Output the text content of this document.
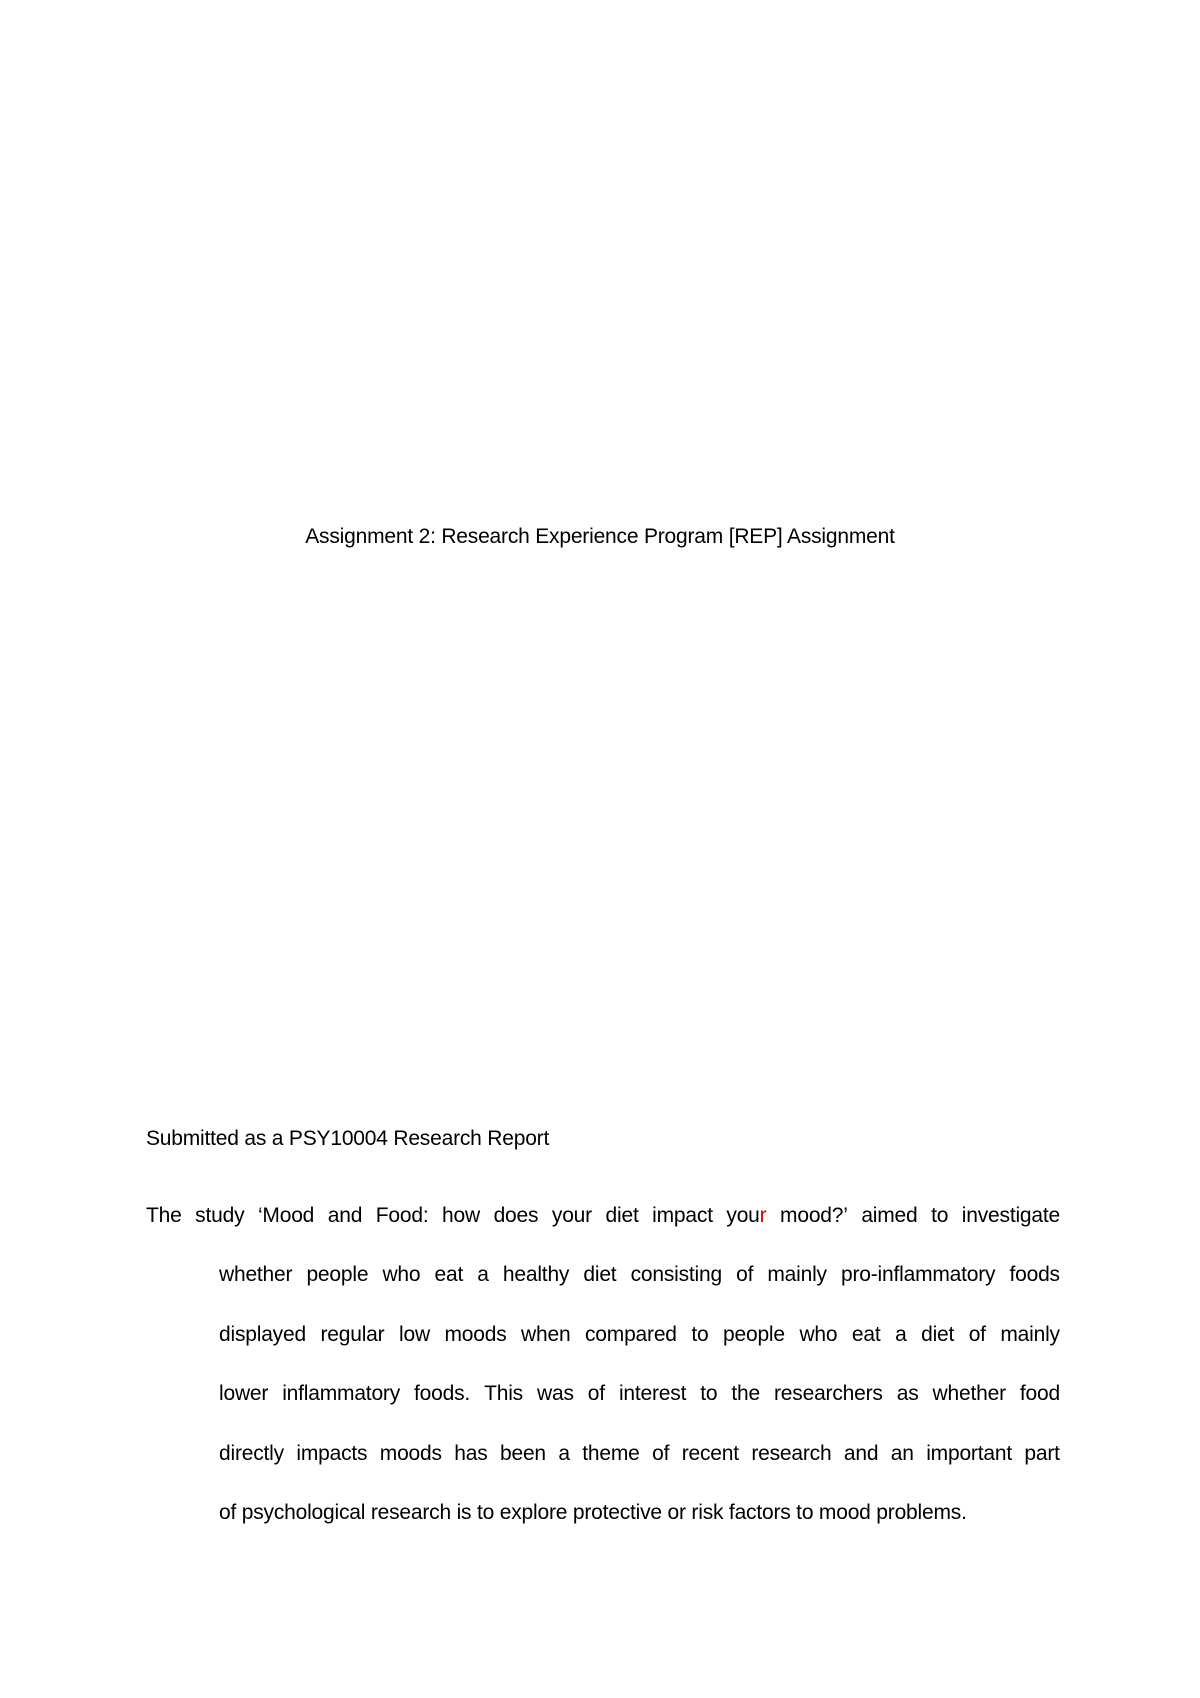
Assignment 2: Research Experience Program [REP] Assignment
Submitted as a PSY10004 Research Report
The study ‘Mood and Food: how does your diet impact your mood?’ aimed to investigate
whether people who eat a healthy diet consisting of mainly pro-inflammatory foods
displayed regular low moods when compared to people who eat a diet of mainly
lower inflammatory foods. This was of interest to the researchers as whether food
directly impacts moods has been a theme of recent research and an important part
of psychological research is to explore protective or risk factors to mood problems.
